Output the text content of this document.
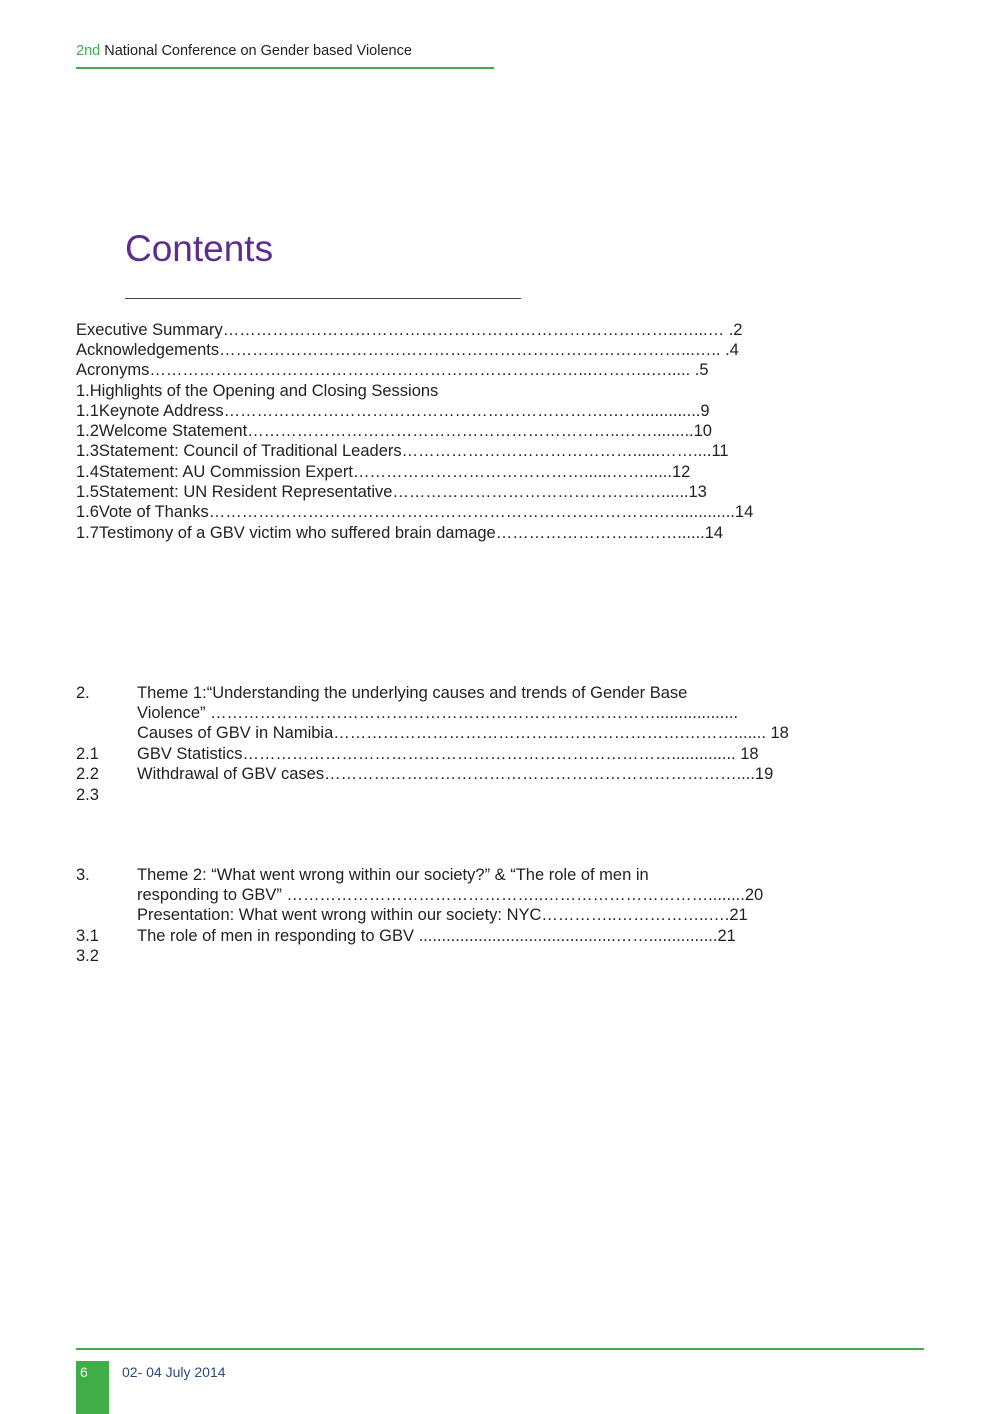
2nd National Conference on Gender based Violence
Contents
Executive Summary………………………………………………………………………..…...… .2
Acknowledgements…………………………………………………………………………...….. .4
Acronyms……………………………………………………………………...………..…..... .5
1.Highlights of the Opening and Closing Sessions
1.1Keynote Address…………………………………………………………….…….............9
1.2Welcome Statement…………………………………………………………..…….........10
1.3Statement: Council of Traditional Leaders……………………………………......……....11
1.4Statement: AU Commission Expert……………………………………......……......12
1.5Statement: UN Resident Representative……………………………………….…......13
1.6Vote of Thanks……………………………………………………………………….….............14
1.7Testimony of a GBV victim who suffered brain damage……………………………......14
2.
2.1
2.2
2.3
Theme 1:“Understanding the underlying causes and trends of Gender Base
Violence” ………………………………………………………………………..................
Causes of GBV in Namibia……………………………………………………….………....... 18
GBV Statistics…………………………………………………………………….............. 18
Withdrawal of GBV cases…………………………………………………………………....19
3.
3.1
3.2
Theme 2: “What went wrong within our society?” & “The role of men in
responding to GBV” ………………………………………..…………………………........20
Presentation: What went wrong within our society: NYC…………..……………..….21
The role of men in responding to GBV ...........................................……...............21
6 02- 04 July 2014
